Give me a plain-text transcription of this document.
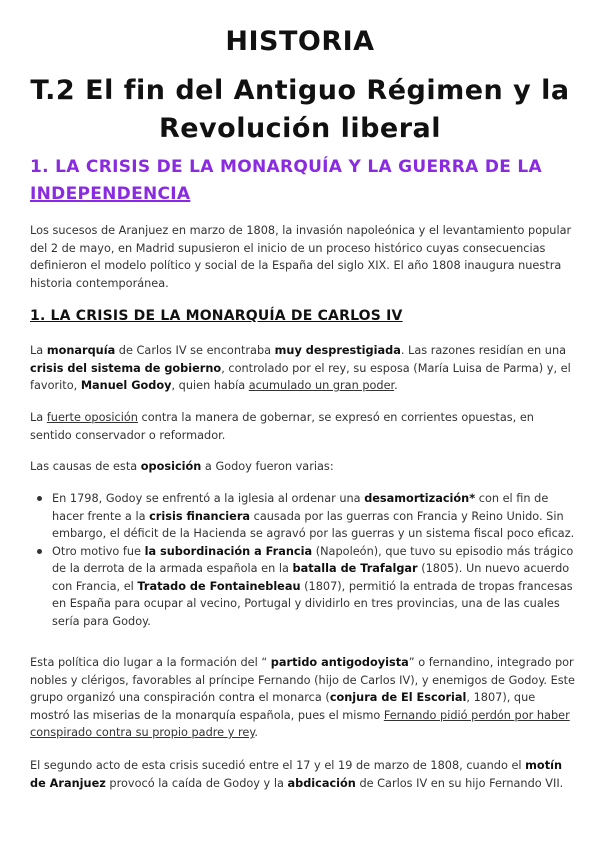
HISTORIA
T.2 El fin del Antiguo Régimen y la
Revolución liberal
1. LA CRISIS DE LA MONARQUÍA Y LA GUERRA DE LA
INDEPENDENCIA
Los sucesos de Aranjuez en marzo de 1808, la invasión napoleónica y el levantamiento popular del 2 de mayo, en Madrid supusieron el inicio de un proceso histórico cuyas consecuencias definieron el modelo político y social de la España del siglo XIX. El año 1808 inaugura nuestra historia contemporánea.
1. LA CRISIS DE LA MONARQUÍA DE CARLOS IV
La monarquía de Carlos IV se encontraba muy desprestigiada. Las razones residían en una crisis del sistema de gobierno, controlado por el rey, su esposa (María Luisa de Parma) y, el favorito, Manuel Godoy, quien había acumulado un gran poder.
La fuerte oposición contra la manera de gobernar, se expresó en corrientes opuestas, en sentido conservador o reformador.
Las causas de esta oposición a Godoy fueron varias:
En 1798, Godoy se enfrentó a la iglesia al ordenar una desamortización* con el fin de hacer frente a la crisis financiera causada por las guerras con Francia y Reino Unido. Sin embargo, el déficit de la Hacienda se agravó por las guerras y un sistema fiscal poco eficaz.
Otro motivo fue la subordinación a Francia (Napoleón), que tuvo su episodio más trágico de la derrota de la armada española en la batalla de Trafalgar (1805). Un nuevo acuerdo con Francia, el Tratado de Fontainebleau (1807), permitió la entrada de tropas francesas en España para ocupar al vecino, Portugal y dividirlo en tres provincias, una de las cuales sería para Godoy.
Esta política dio lugar a la formación del “ partido antigodoyista” o fernandino, integrado por nobles y clérigos, favorables al príncipe Fernando (hijo de Carlos IV), y enemigos de Godoy. Este grupo organizó una conspiración contra el monarca (conjura de El Escorial, 1807), que mostró las miserias de la monarquía española, pues el mismo Fernando pidió perdón por haber conspirado contra su propio padre y rey.
El segundo acto de esta crisis sucedió entre el 17 y el 19 de marzo de 1808, cuando el motín de Aranjuez provocó la caída de Godoy y la abdicación de Carlos IV en su hijo Fernando VII.
